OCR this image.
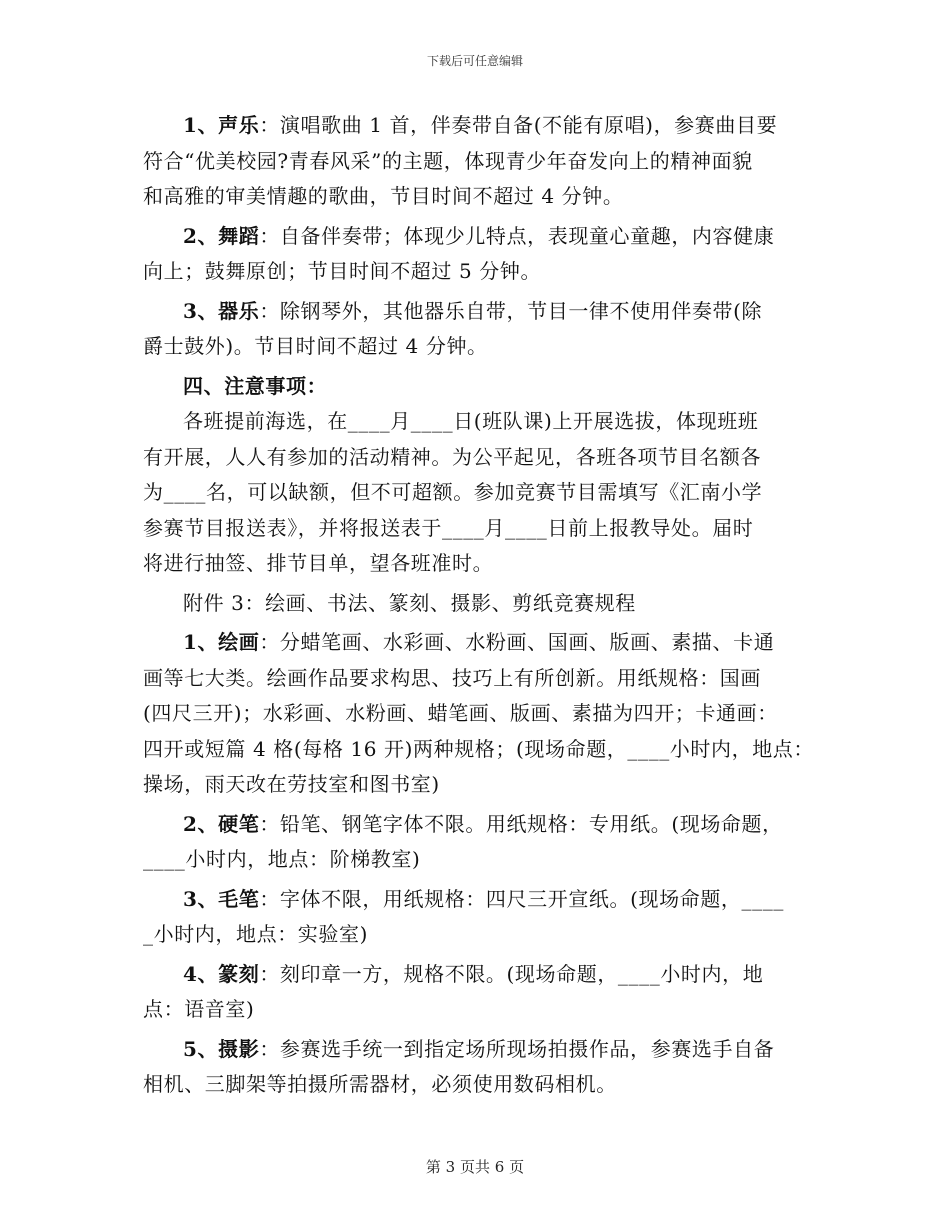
下载后可任意编辑
1、声乐：演唱歌曲 1 首，伴奏带自备(不能有原唱)，参赛曲目要
符合“优美校园?青春风采”的主题，体现青少年奋发向上的精神面貌
和高雅的审美情趣的歌曲，节目时间不超过 4 分钟。
2、舞蹈：自备伴奏带；体现少儿特点，表现童心童趣，内容健康
向上；鼓舞原创；节目时间不超过 5 分钟。
3、器乐：除钢琴外，其他器乐自带，节目一律不使用伴奏带(除
爵士鼓外)。节目时间不超过 4 分钟。
四、注意事项：
各班提前海选，在____月____日(班队课)上开展选拔，体现班班
有开展，人人有参加的活动精神。为公平起见，各班各项节目名额各
为____名，可以缺额，但不可超额。参加竞赛节目需填写《汇南小学
参赛节目报送表》，并将报送表于____月____日前上报教导处。届时
将进行抽签、排节目单，望各班准时。
附件 3：绘画、书法、篆刻、摄影、剪纸竞赛规程
1、绘画：分蜡笔画、水彩画、水粉画、国画、版画、素描、卡通
画等七大类。绘画作品要求构思、技巧上有所创新。用纸规格：国画
(四尺三开)；水彩画、水粉画、蜡笔画、版画、素描为四开；卡通画：
四开或短篇 4 格(每格 16 开)两种规格；(现场命题，____小时内，地点：
操场，雨天改在劳技室和图书室)
2、硬笔：铅笔、钢笔字体不限。用纸规格：专用纸。(现场命题，
____小时内，地点：阶梯教室)
3、毛笔：字体不限，用纸规格：四尺三开宣纸。(现场命题，____
_小时内，地点：实验室)
4、篆刻：刻印章一方，规格不限。(现场命题，____小时内，地
点：语音室)
5、摄影：参赛选手统一到指定场所现场拍摄作品，参赛选手自备
相机、三脚架等拍摄所需器材，必须使用数码相机。
第 3 页共 6 页
